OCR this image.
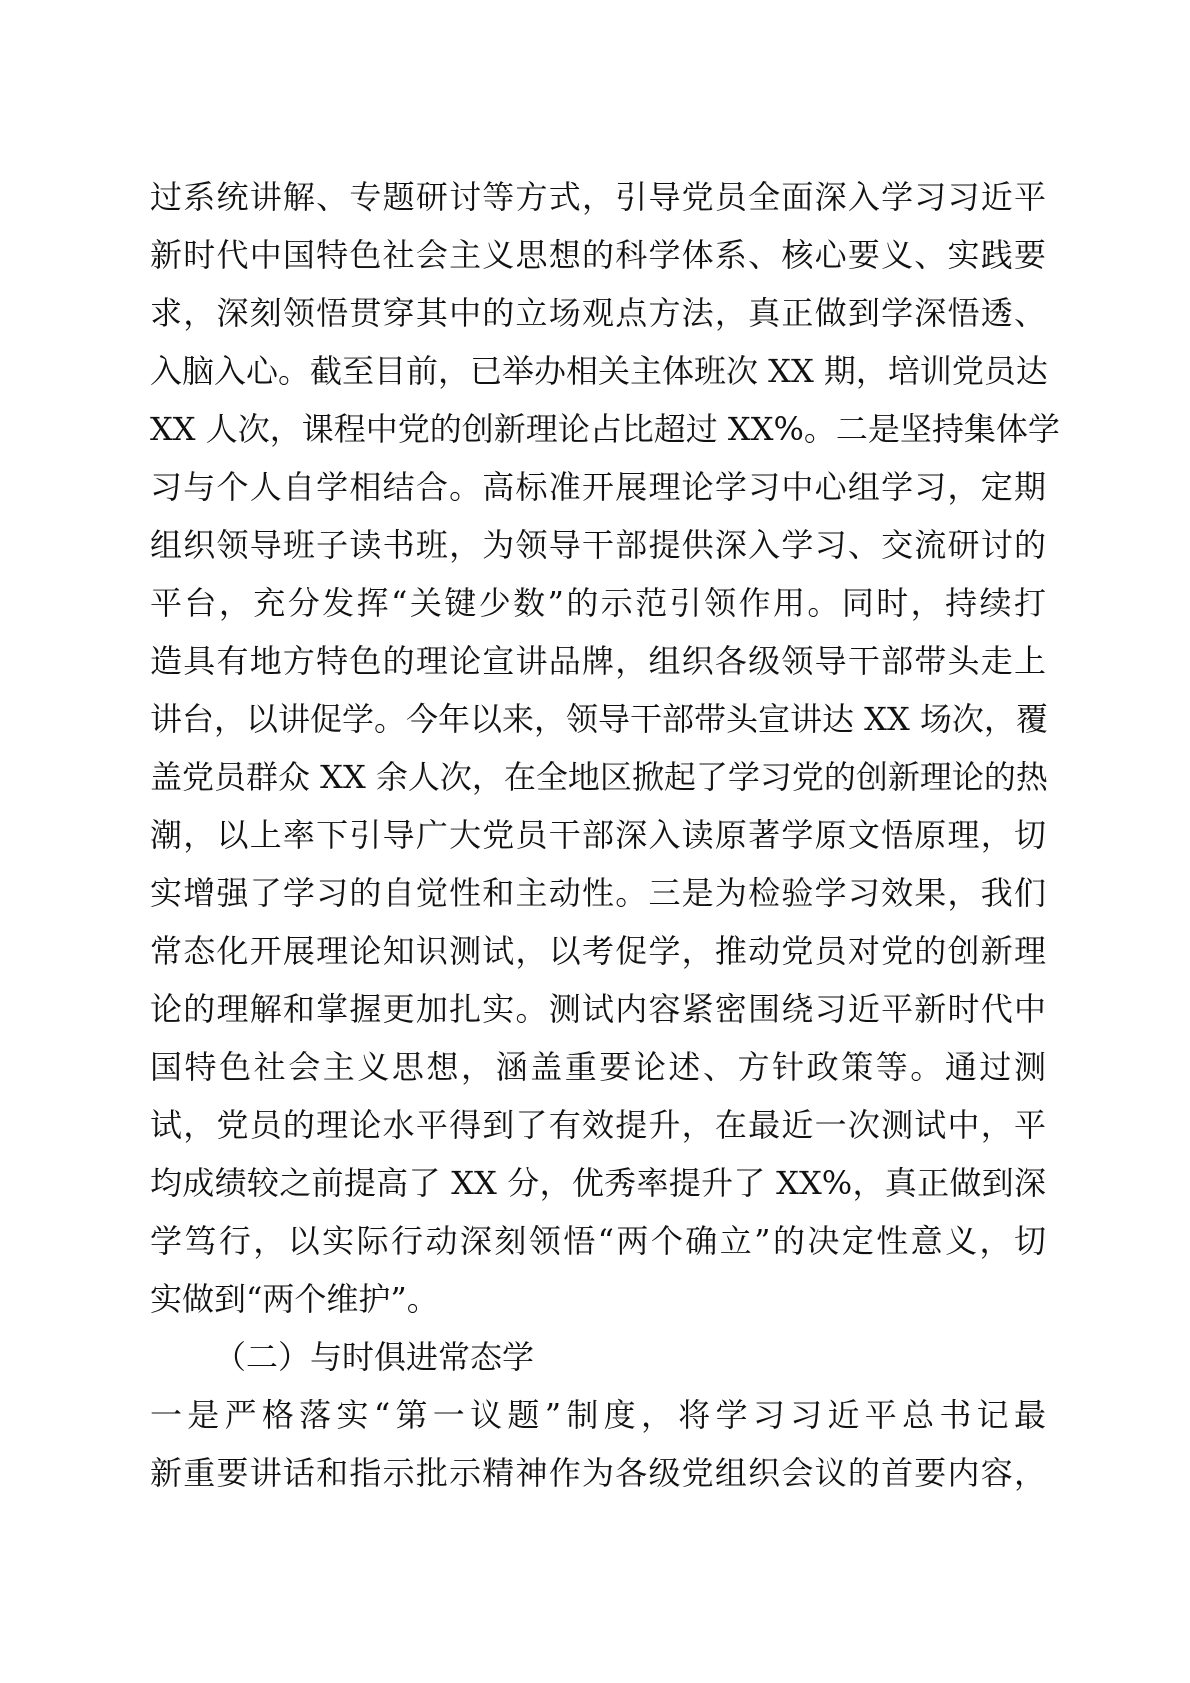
过系统讲解、专题研讨等方式，引导党员全面深入学习习近平
新时代中国特色社会主义思想的科学体系、核心要义、实践要
求，深刻领悟贯穿其中的立场观点方法，真正做到学深悟透、
入脑入心。截至目前，已举办相关主体班次 XX 期，培训党员达
XX 人次，课程中党的创新理论占比超过 XX%。二是坚持集体学
习与个人自学相结合。高标准开展理论学习中心组学习，定期
组织领导班子读书班，为领导干部提供深入学习、交流研讨的
平台，充分发挥“关键少数”的示范引领作用。同时，持续打
造具有地方特色的理论宣讲品牌，组织各级领导干部带头走上
讲台，以讲促学。今年以来，领导干部带头宣讲达 XX 场次，覆
盖党员群众 XX 余人次，在全地区掀起了学习党的创新理论的热
潮，以上率下引导广大党员干部深入读原著学原文悟原理，切
实增强了学习的自觉性和主动性。三是为检验学习效果，我们
常态化开展理论知识测试，以考促学，推动党员对党的创新理
论的理解和掌握更加扎实。测试内容紧密围绕习近平新时代中
国特色社会主义思想，涵盖重要论述、方针政策等。通过测
试，党员的理论水平得到了有效提升，在最近一次测试中，平
均成绩较之前提高了 XX 分，优秀率提升了 XX%，真正做到深
学笃行，以实际行动深刻领悟“两个确立”的决定性意义，切
实做到“两个维护”。
（二）与时俱进常态学
一是严格落实“第一议题”制度，将学习习近平总书记最
新重要讲话和指示批示精神作为各级党组织会议的首要内容，
